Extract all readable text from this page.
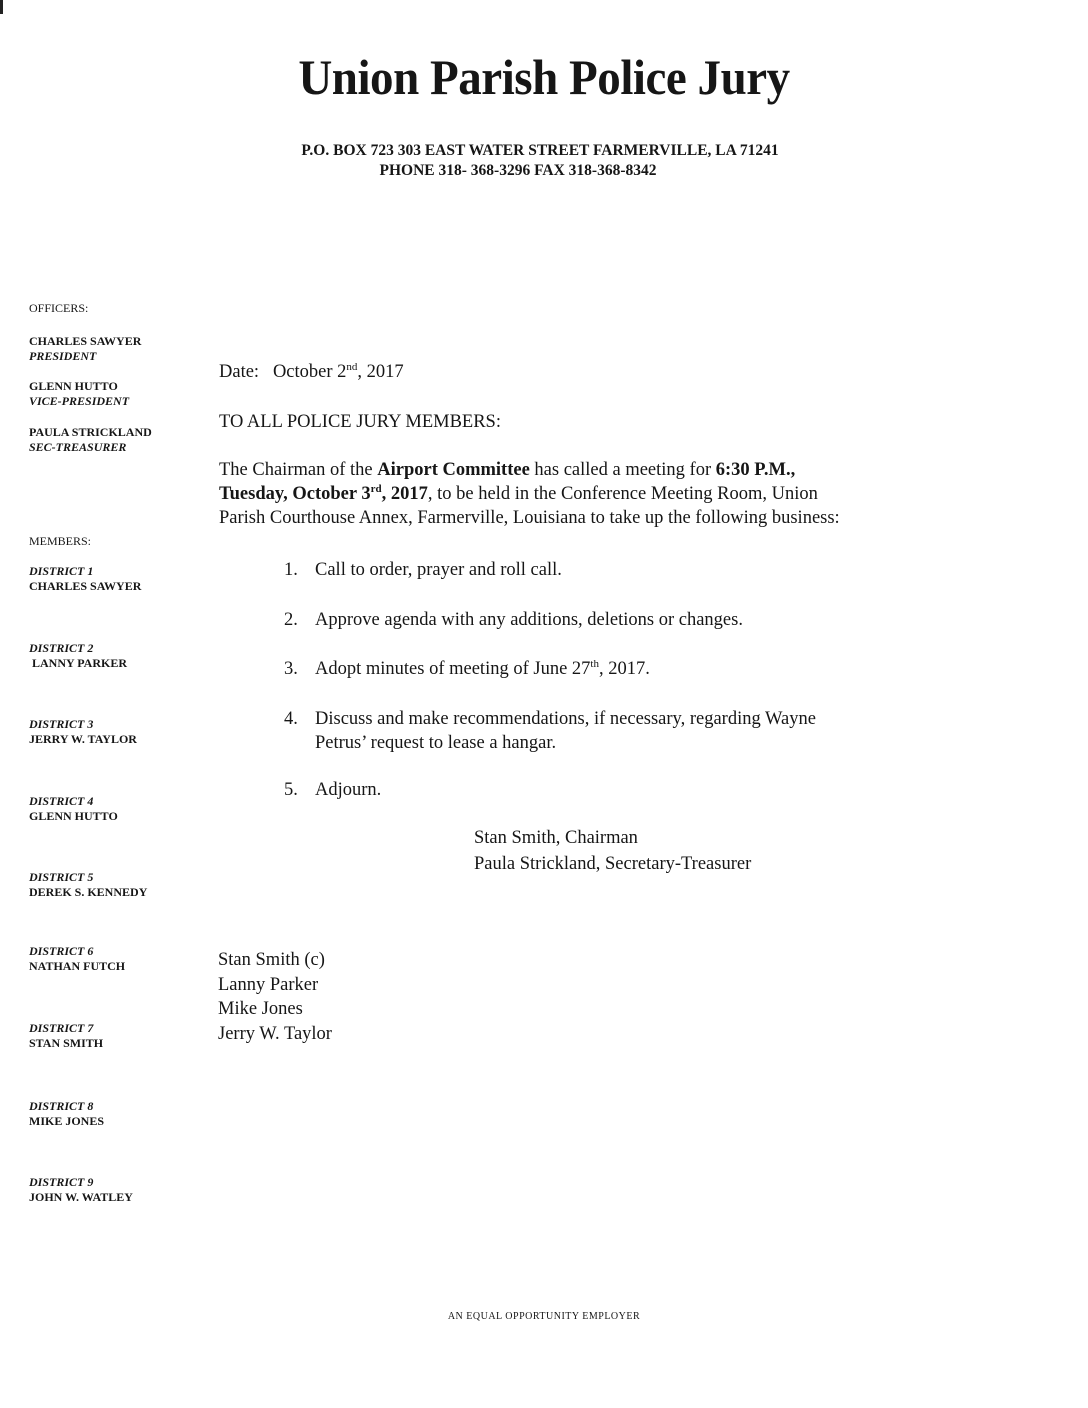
Union Parish Police Jury
P.O. BOX 723 303 EAST WATER STREET FARMERVILLE, LA 71241
PHONE 318- 368-3296 FAX 318-368-8342
OFFICERS:
CHARLES SAWYER
PRESIDENT
GLENN HUTTO
VICE-PRESIDENT
PAULA STRICKLAND
SEC-TREASURER
MEMBERS:
DISTRICT 1
CHARLES SAWYER
DISTRICT 2
LANNY PARKER
DISTRICT 3
JERRY W. TAYLOR
DISTRICT 4
GLENN HUTTO
DISTRICT 5
DEREK S. KENNEDY
DISTRICT 6
NATHAN FUTCH
DISTRICT 7
STAN SMITH
DISTRICT 8
MIKE JONES
DISTRICT 9
JOHN W. WATLEY
Date: October 2nd, 2017
TO ALL POLICE JURY MEMBERS:
The Chairman of the Airport Committee has called a meeting for 6:30 P.M.,
Tuesday, October 3rd, 2017, to be held in the Conference Meeting Room, Union
Parish Courthouse Annex, Farmerville, Louisiana to take up the following business:
1. Call to order, prayer and roll call.
2. Approve agenda with any additions, deletions or changes.
3. Adopt minutes of meeting of June 27th, 2017.
4. Discuss and make recommendations, if necessary, regarding Wayne
Petrus’ request to lease a hangar.
5. Adjourn.
Stan Smith, Chairman
Paula Strickland, Secretary-Treasurer
Stan Smith (c)
Lanny Parker
Mike Jones
Jerry W. Taylor
AN EQUAL OPPORTUNITY EMPLOYER
